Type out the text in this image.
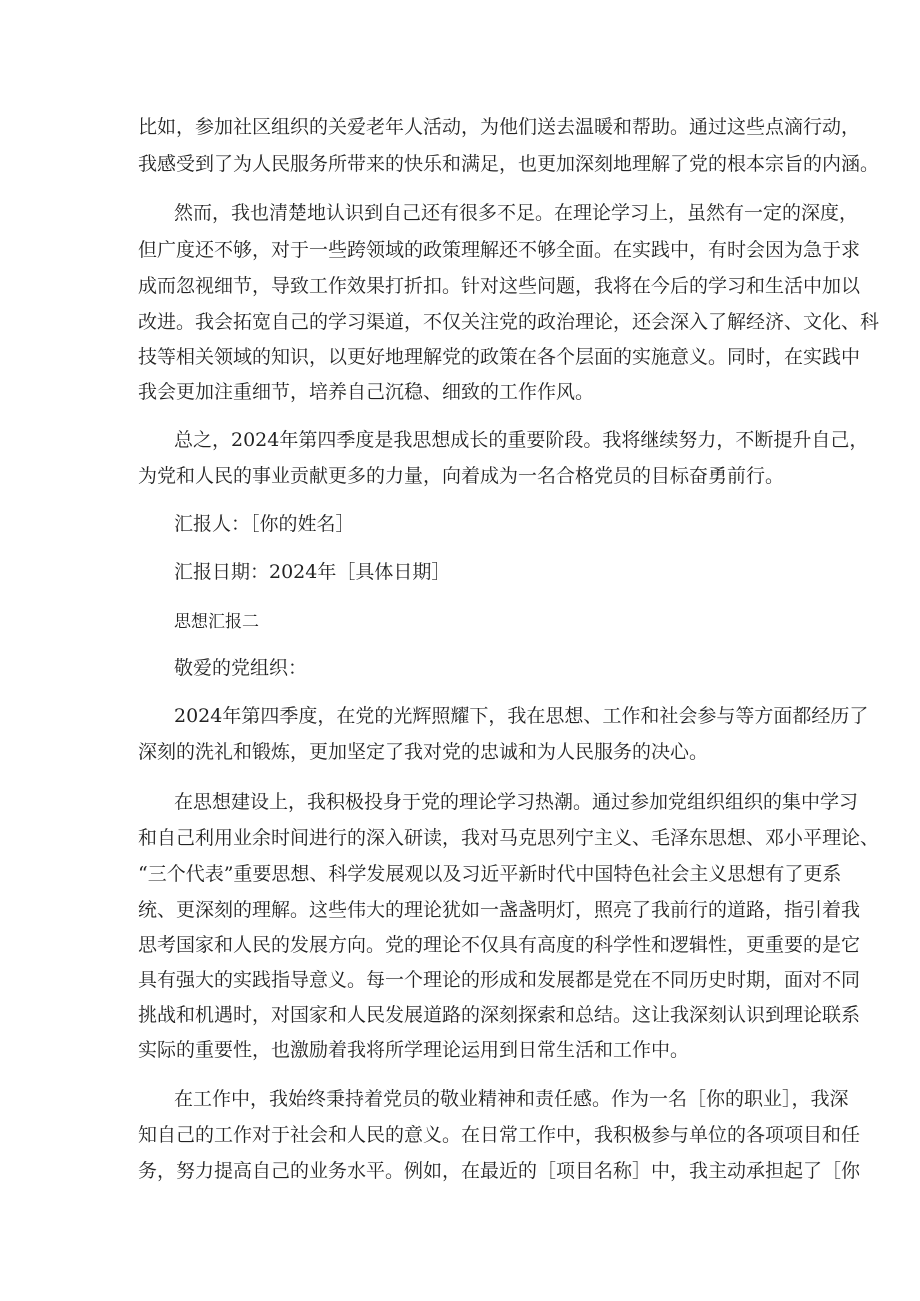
比如，参加社区组织的关爱老年人活动，为他们送去温暖和帮助。通过这些点滴行动，
我感受到了为人民服务所带来的快乐和满足，也更加深刻地理解了党的根本宗旨的内涵。
然而，我也清楚地认识到自己还有很多不足。在理论学习上，虽然有一定的深度，
但广度还不够，对于一些跨领域的政策理解还不够全面。在实践中，有时会因为急于求
成而忽视细节，导致工作效果打折扣。针对这些问题，我将在今后的学习和生活中加以
改进。我会拓宽自己的学习渠道，不仅关注党的政治理论，还会深入了解经济、文化、科
技等相关领域的知识，以更好地理解党的政策在各个层面的实施意义。同时，在实践中
我会更加注重细节，培养自己沉稳、细致的工作作风。
总之，2024年第四季度是我思想成长的重要阶段。我将继续努力，不断提升自己，
为党和人民的事业贡献更多的力量，向着成为一名合格党员的目标奋勇前行。
汇报人：［你的姓名］
汇报日期：2024年［具体日期］
思想汇报二
敬爱的党组织：
2024年第四季度，在党的光辉照耀下，我在思想、工作和社会参与等方面都经历了
深刻的洗礼和锻炼，更加坚定了我对党的忠诚和为人民服务的决心。
在思想建设上，我积极投身于党的理论学习热潮。通过参加党组织组织的集中学习
和自己利用业余时间进行的深入研读，我对马克思列宁主义、毛泽东思想、邓小平理论、
“三个代表”重要思想、科学发展观以及习近平新时代中国特色社会主义思想有了更系
统、更深刻的理解。这些伟大的理论犹如一盏盏明灯，照亮了我前行的道路，指引着我
思考国家和人民的发展方向。党的理论不仅具有高度的科学性和逻辑性，更重要的是它
具有强大的实践指导意义。每一个理论的形成和发展都是党在不同历史时期，面对不同
挑战和机遇时，对国家和人民发展道路的深刻探索和总结。这让我深刻认识到理论联系
实际的重要性，也激励着我将所学理论运用到日常生活和工作中。
在工作中，我始终秉持着党员的敬业精神和责任感。作为一名［你的职业］，我深
知自己的工作对于社会和人民的意义。在日常工作中，我积极参与单位的各项项目和任
务，努力提高自己的业务水平。例如，在最近的［项目名称］中，我主动承担起了［你
